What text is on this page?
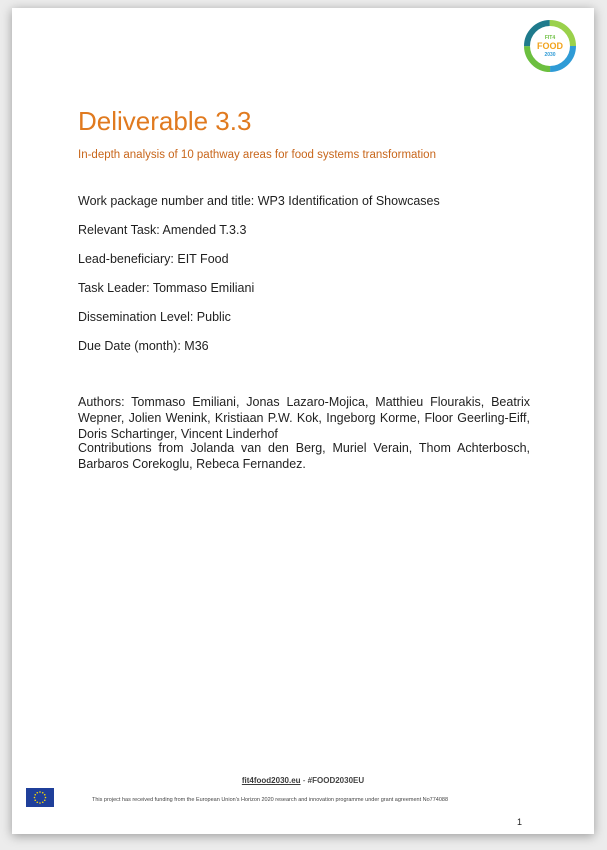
FIT4
FOOD
2030
Deliverable 3.3

In-depth analysis of 10 pathway areas for food systems transformation

Work package number and title: WP3 Identification of Showcases

Relevant Task: Amended T.3.3

Lead-beneficiary: EIT Food

Task Leader: Tommaso Emiliani

Dissemination Level: Public

Due Date (month): M36

Authors: Tommaso Emiliani, Jonas Lazaro-Mojica, Matthieu Flourakis, Beatrix Wepner, Jolien Wenink, Kristiaan P.W. Kok, Ingeborg Korme, Floor Geerling-Eiff, Doris Schartinger, Vincent Linderhof

Contributions from Jolanda van den Berg, Muriel Verain, Thom Achterbosch, Barbaros Corekoglu, Rebeca Fernandez.

fit4food2030.eu - #FOOD2030EU
This project has received funding from the European Union's Horizon 2020 research and innovation programme under grant agreement No774088
1
